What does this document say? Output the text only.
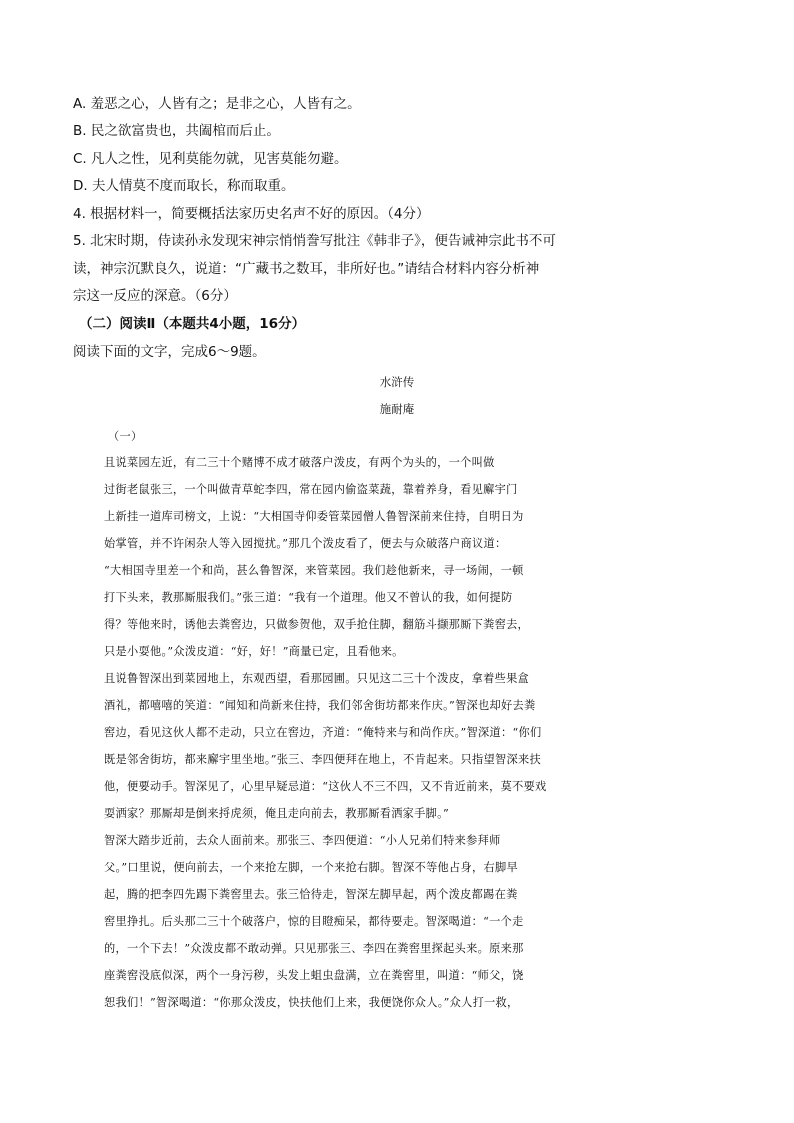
A. 羞恶之心，人皆有之；是非之心，人皆有之。
B. 民之欲富贵也，共阖棺而后止。
C. 凡人之性，见利莫能勿就，见害莫能勿避。
D. 夫人情莫不度而取长，称而取重。
4. 根据材料一，简要概括法家历史名声不好的原因。（4分）
5. 北宋时期，侍读孙永发现宋神宗悄悄誊写批注《韩非子》，便告诫神宗此书不可
读，神宗沉默良久，说道：“广藏书之数耳，非所好也。”请结合材料内容分析神
宗这一反应的深意。（6分）
（二）阅读Ⅱ（本题共4小题，16分）
阅读下面的文字，完成6～9题。
水浒传
施耐庵
（一）
且说菜园左近，有二三十个赌博不成才破落户泼皮，有两个为头的，一个叫做
过街老鼠张三，一个叫做青草蛇李四，常在园内偷盗菜蔬，靠着养身，看见廨宇门
上新挂一道库司榜文，上说：“大相国寺仰委管菜园僧人鲁智深前来住持，自明日为
始掌管，并不许闲杂人等入园搅扰。”那几个泼皮看了，便去与众破落户商议道：
“大相国寺里差一个和尚，甚么鲁智深，来管菜园。我们趁他新来，寻一场闹，一顿
打下头来，教那厮服我们。”张三道：“我有一个道理。他又不曾认的我，如何提防
得？等他来时，诱他去粪窖边，只做参贺他，双手抢住脚，翻筋斗撷那厮下粪窖去，
只是小耍他。”众泼皮道：“好，好！”商量已定，且看他来。
且说鲁智深出到菜园地上，东观西望，看那园圃。只见这二三十个泼皮，拿着些果盒
酒礼，都嘻嘻的笑道：“闻知和尚新来住持，我们邻舍街坊都来作庆。”智深也却好去粪
窖边，看见这伙人都不走动，只立在窖边，齐道：“俺特来与和尚作庆。”智深道：“你们
既是邻舍街坊，都来廨宇里坐地。”张三、李四便拜在地上，不肯起来。只指望智深来扶
他，便要动手。智深见了，心里早疑忌道：“这伙人不三不四，又不肯近前来，莫不要戏
耍洒家？那厮却是倒来捋虎须，俺且走向前去，教那厮看洒家手脚。”
智深大踏步近前，去众人面前来。那张三、李四便道：“小人兄弟们特来参拜师
父。”口里说，便向前去，一个来抢左脚，一个来抢右脚。智深不等他占身，右脚早
起，腾的把李四先踢下粪窖里去。张三恰待走，智深左脚早起，两个泼皮都踢在粪
窖里挣扎。后头那二三十个破落户，惊的目瞪痴呆，都待要走。智深喝道：“一个走
的，一个下去！”众泼皮都不敢动弹。只见那张三、李四在粪窖里探起头来。原来那
座粪窖没底似深，两个一身污秽，头发上蛆虫盘满，立在粪窖里，叫道：“师父，饶
恕我们！”智深喝道：“你那众泼皮，快扶他们上来，我便饶你众人。”众人打一救，
